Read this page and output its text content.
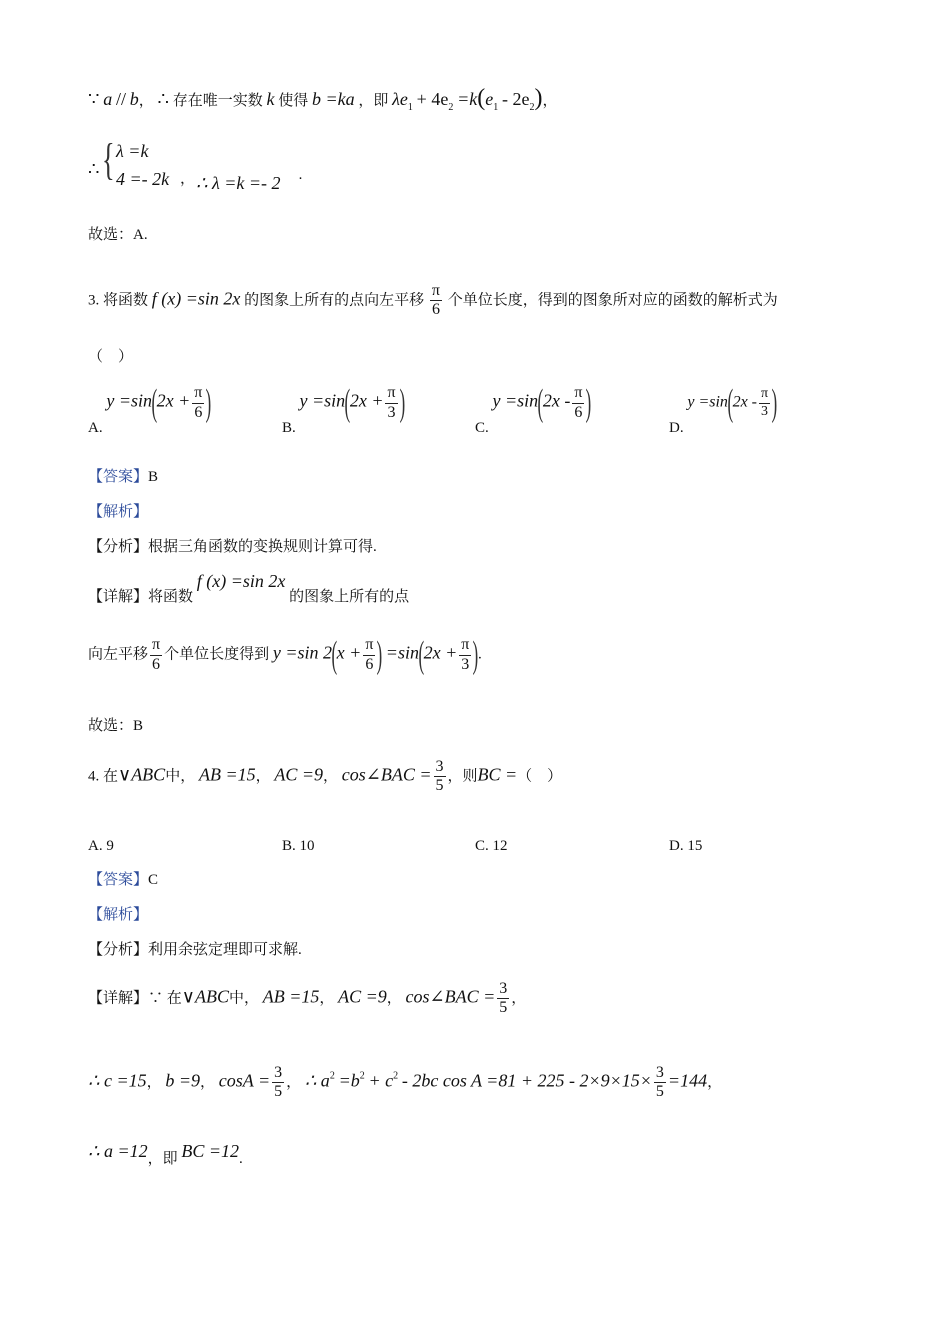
∵ a // b， ∴ 存在唯一实数 k 使得 b =ka ，即 $\lambda e_1 + 4e_2 =k(e_1 - 2e_2)$，
∴ { λ =k
4 =- 2k ， ∴ λ =k =- 2 ·
故选：A.
3. 将函数 f (x) =sin 2x 的图象上所有的点向左平移 $\frac{\pi}{6}$ 个单位长度，得到的图象所对应的函数的解析式为
（　）
A. $y =\sin(2x + \frac{\pi}{6}$ )
B. $y =\sin(2x + \frac{\pi}{3}$ )
C. $y =\sin(2x - \frac{\pi}{6}$ )
D. $y =\sin(2x - \frac{\pi}{3}$ )
【答案】B
【解析】
【分析】根据三角函数的变换规则计算可得.
【详解】将函数 f (x) =sin 2x 的图象上所有的点
向左平移 $\frac{\pi}{6}$ 个单位长度得到 y =sin $2(x + \frac{\pi}{6}$ ) $=\sin(2x + \frac{\pi}{3}$ ).
故选：B
4. 在∨ABC中， AB =15， AC =9， cos∠BAC = $\frac{3}{5}$ ，则BC =（　）
A. 9	B. 10	C. 12	D. 15
【答案】C
【解析】
【分析】利用余弦定理即可求解.
【详解】∵ 在∨ABC中， AB =15， AC =9， cos∠BAC = $\frac{3}{5}$ ，
∴ c =15， b =9， $\cos A = \frac{3}{5}$ ， ∴ $a^2 =b^2 + c^2 - 2bc$ $\cos A =81 + 225 - 2\times 9\times 15\times \frac{3}{5} =144$，
∴ a =12，即 BC =12.
